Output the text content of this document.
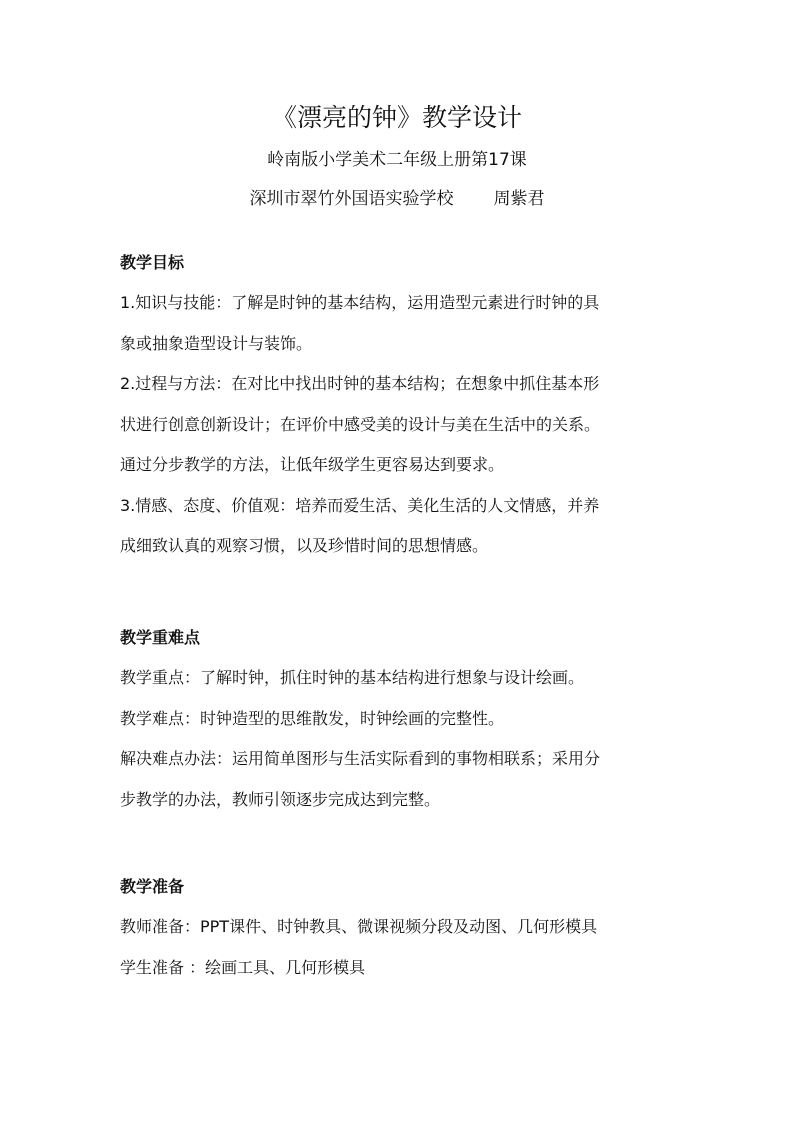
《漂亮的钟》教学设计
岭南版小学美术二年级上册第17课
深圳市翠竹外国语实验学校 周紫君
教学目标

1.知识与技能：了解是时钟的基本结构，运用造型元素进行时钟的具

象或抽象造型设计与装饰。

2.过程与方法：在对比中找出时钟的基本结构；在想象中抓住基本形

状进行创意创新设计；在评价中感受美的设计与美在生活中的关系。

通过分步教学的方法，让低年级学生更容易达到要求。

3.情感、态度、价值观：培养而爱生活、美化生活的人文情感，并养

成细致认真的观察习惯，以及珍惜时间的思想情感。

教学重难点

教学重点：了解时钟，抓住时钟的基本结构进行想象与设计绘画。

教学难点：时钟造型的思维散发，时钟绘画的完整性。

解决难点办法：运用简单图形与生活实际看到的事物相联系；采用分

步教学的办法，教师引领逐步完成达到完整。

教学准备

教师准备：PPT课件、时钟教具、微课视频分段及动图、几何形模具

学生准备 ：绘画工具、几何形模具
